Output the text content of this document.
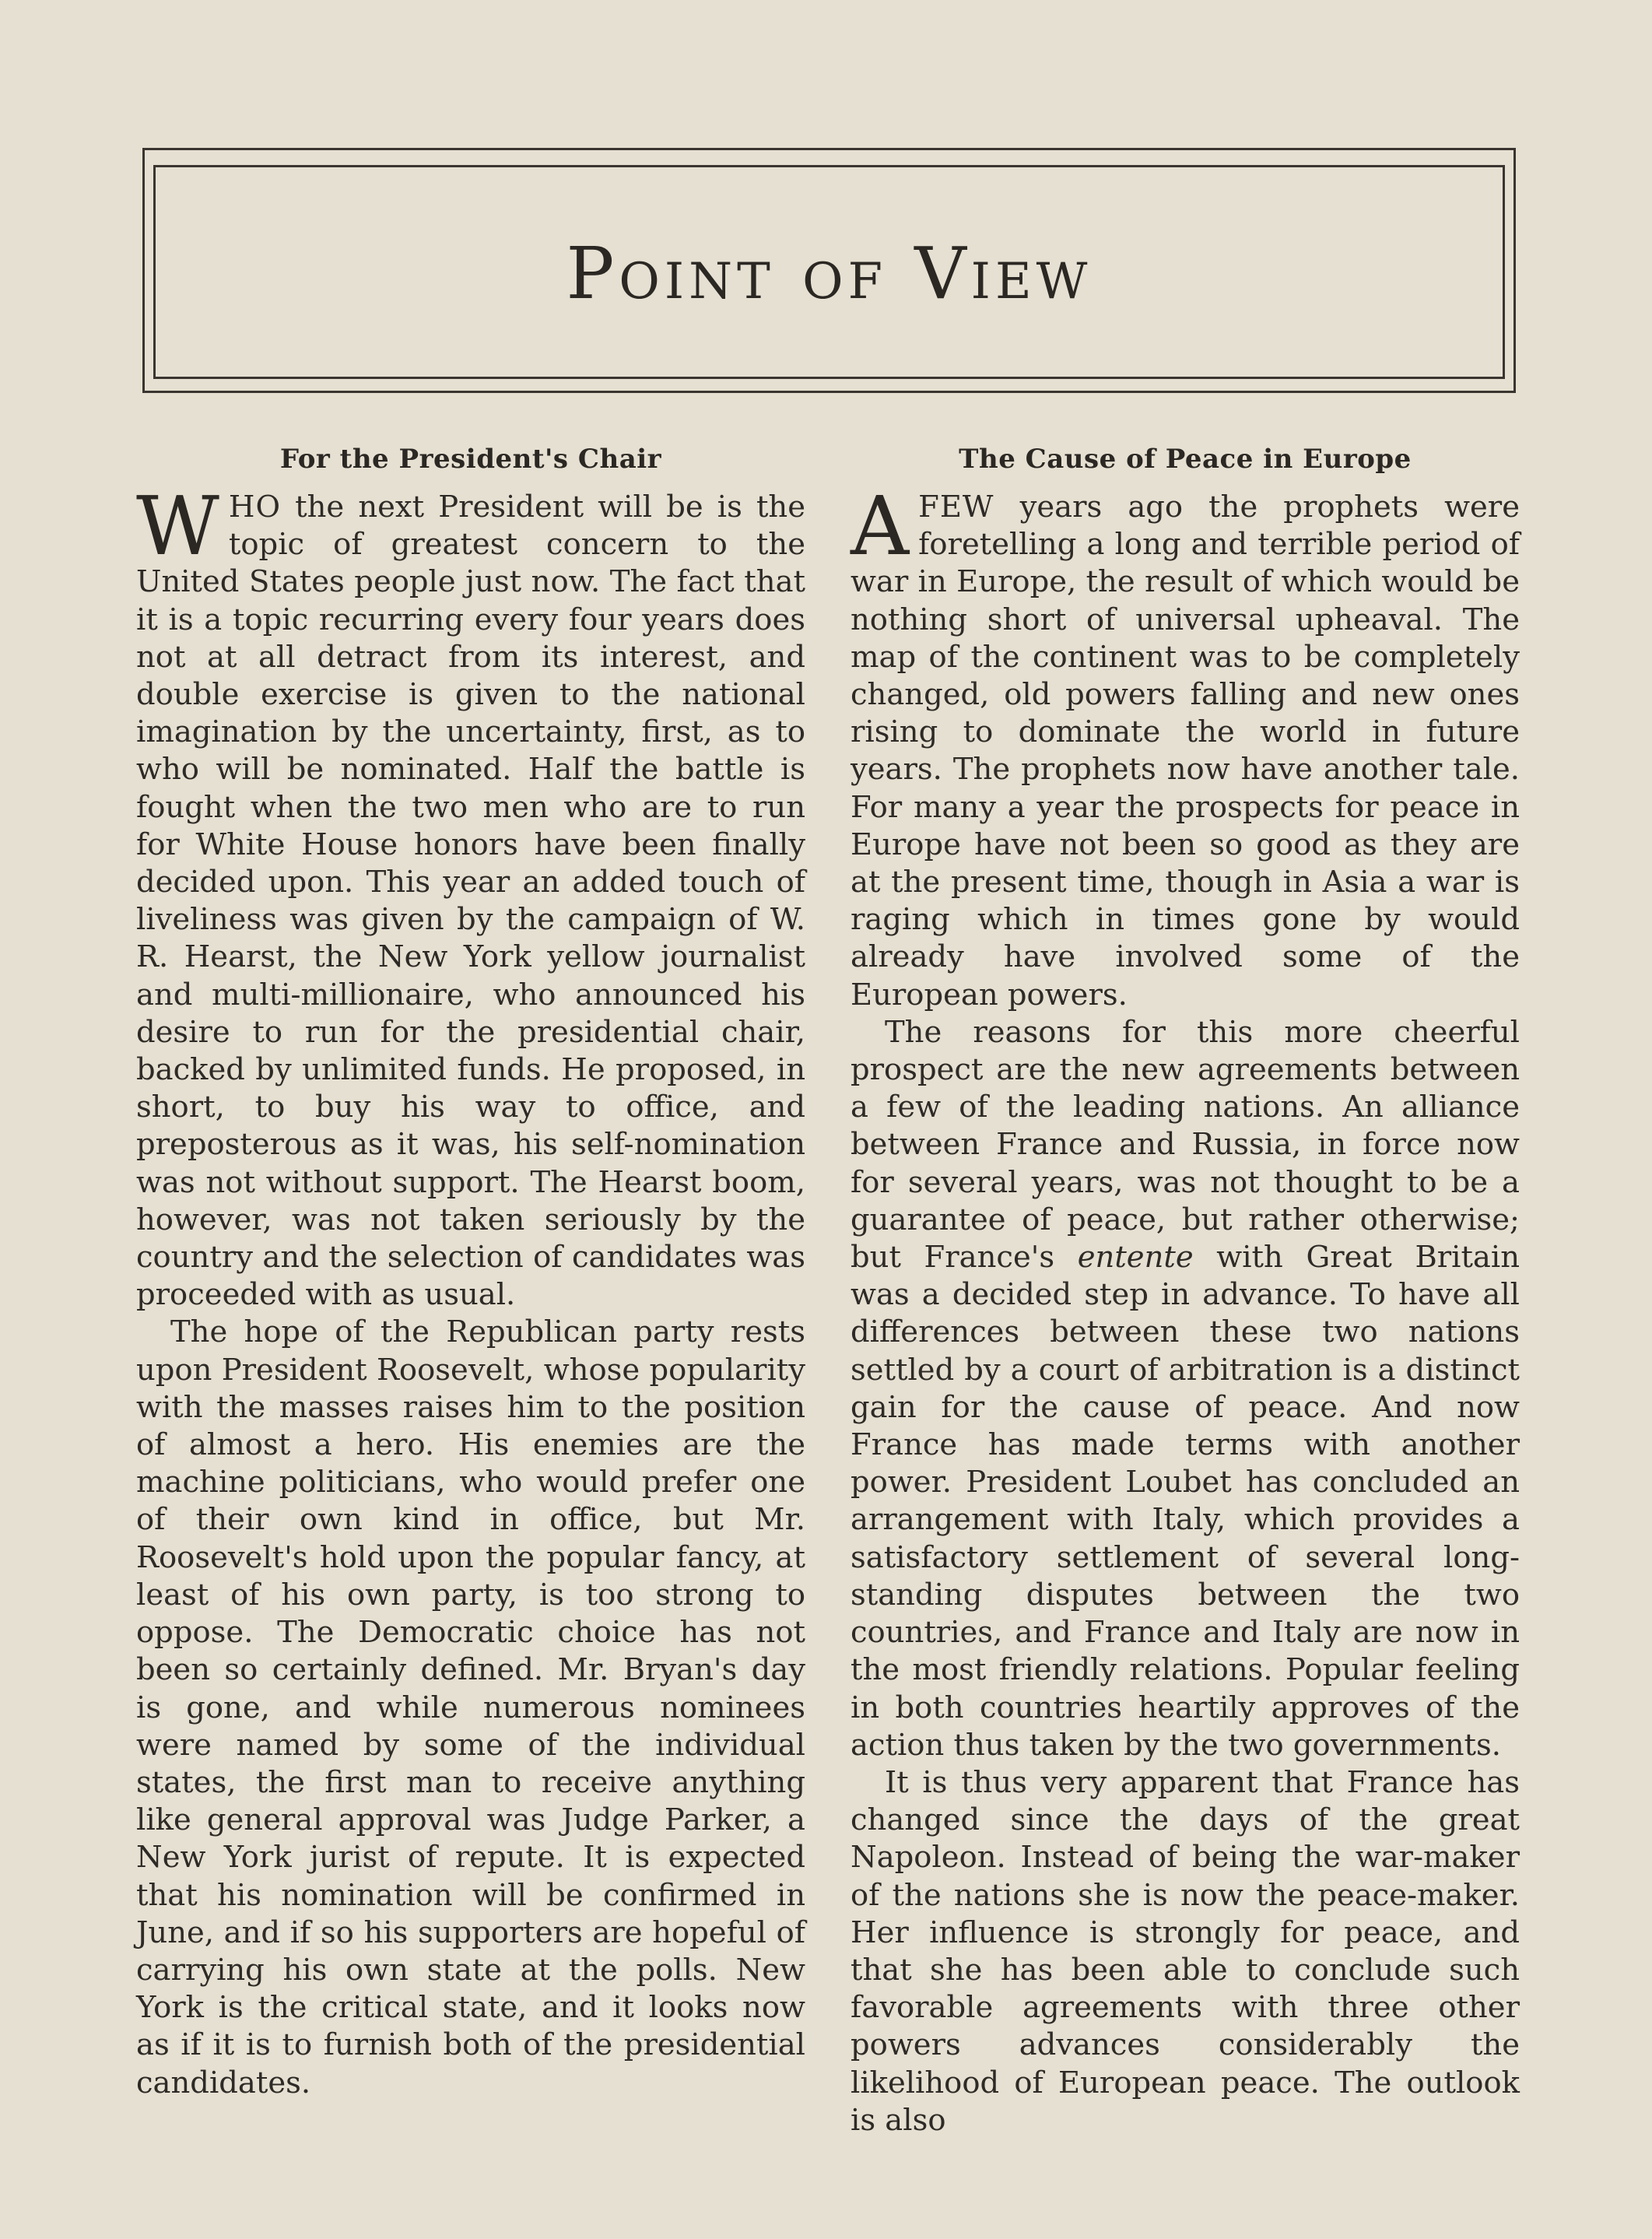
Point of View
For the President's Chair

WHO the next President will be is the topic of greatest concern to the United States people just now. The fact that it is a topic recurring every four years does not at all detract from its interest, and double exercise is given to the national imagination by the uncertainty, first, as to who will be nominated. Half the battle is fought when the two men who are to run for White House honors have been finally decided upon. This year an added touch of liveliness was given by the campaign of W. R. Hearst, the New York yellow journalist and multi-millionaire, who announced his desire to run for the presidential chair, backed by unlimited funds. He proposed, in short, to buy his way to office, and preposterous as it was, his self-nomination was not without support. The Hearst boom, however, was not taken seriously by the country and the selection of candidates was proceeded with as usual.

The hope of the Republican party rests upon President Roosevelt, whose popularity with the masses raises him to the position of almost a hero. His enemies are the machine politicians, who would prefer one of their own kind in office, but Mr. Roosevelt's hold upon the popular fancy, at least of his own party, is too strong to oppose. The Democratic choice has not been so certainly defined. Mr. Bryan's day is gone, and while numerous nominees were named by some of the individual states, the first man to receive anything like general approval was Judge Parker, a New York jurist of repute. It is expected that his nomination will be confirmed in June, and if so his supporters are hopeful of carrying his own state at the polls. New York is the critical state, and it looks now as if it is to furnish both of the presidential candidates.

The Cause of Peace in Europe

AFEW years ago the prophets were foretelling a long and terrible period of war in Europe, the result of which would be nothing short of universal upheaval. The map of the continent was to be completely changed, old powers falling and new ones rising to dominate the world in future years. The prophets now have another tale. For many a year the prospects for peace in Europe have not been so good as they are at the present time, though in Asia a war is raging which in times gone by would already have involved some of the European powers.

The reasons for this more cheerful prospect are the new agreements between a few of the leading nations. An alliance between France and Russia, in force now for several years, was not thought to be a guarantee of peace, but rather otherwise; but France's entente with Great Britain was a decided step in advance. To have all differences between these two nations settled by a court of arbitration is a distinct gain for the cause of peace. And now France has made terms with another power. President Loubet has concluded an arrangement with Italy, which provides a satisfactory settlement of several long-standing disputes between the two countries, and France and Italy are now in the most friendly relations. Popular feeling in both countries heartily approves of the action thus taken by the two governments.

It is thus very apparent that France has changed since the days of the great Napoleon. Instead of being the war-maker of the nations she is now the peace-maker. Her influence is strongly for peace, and that she has been able to conclude such favorable agreements with three other powers advances considerably the likelihood of European peace. The outlook is also
